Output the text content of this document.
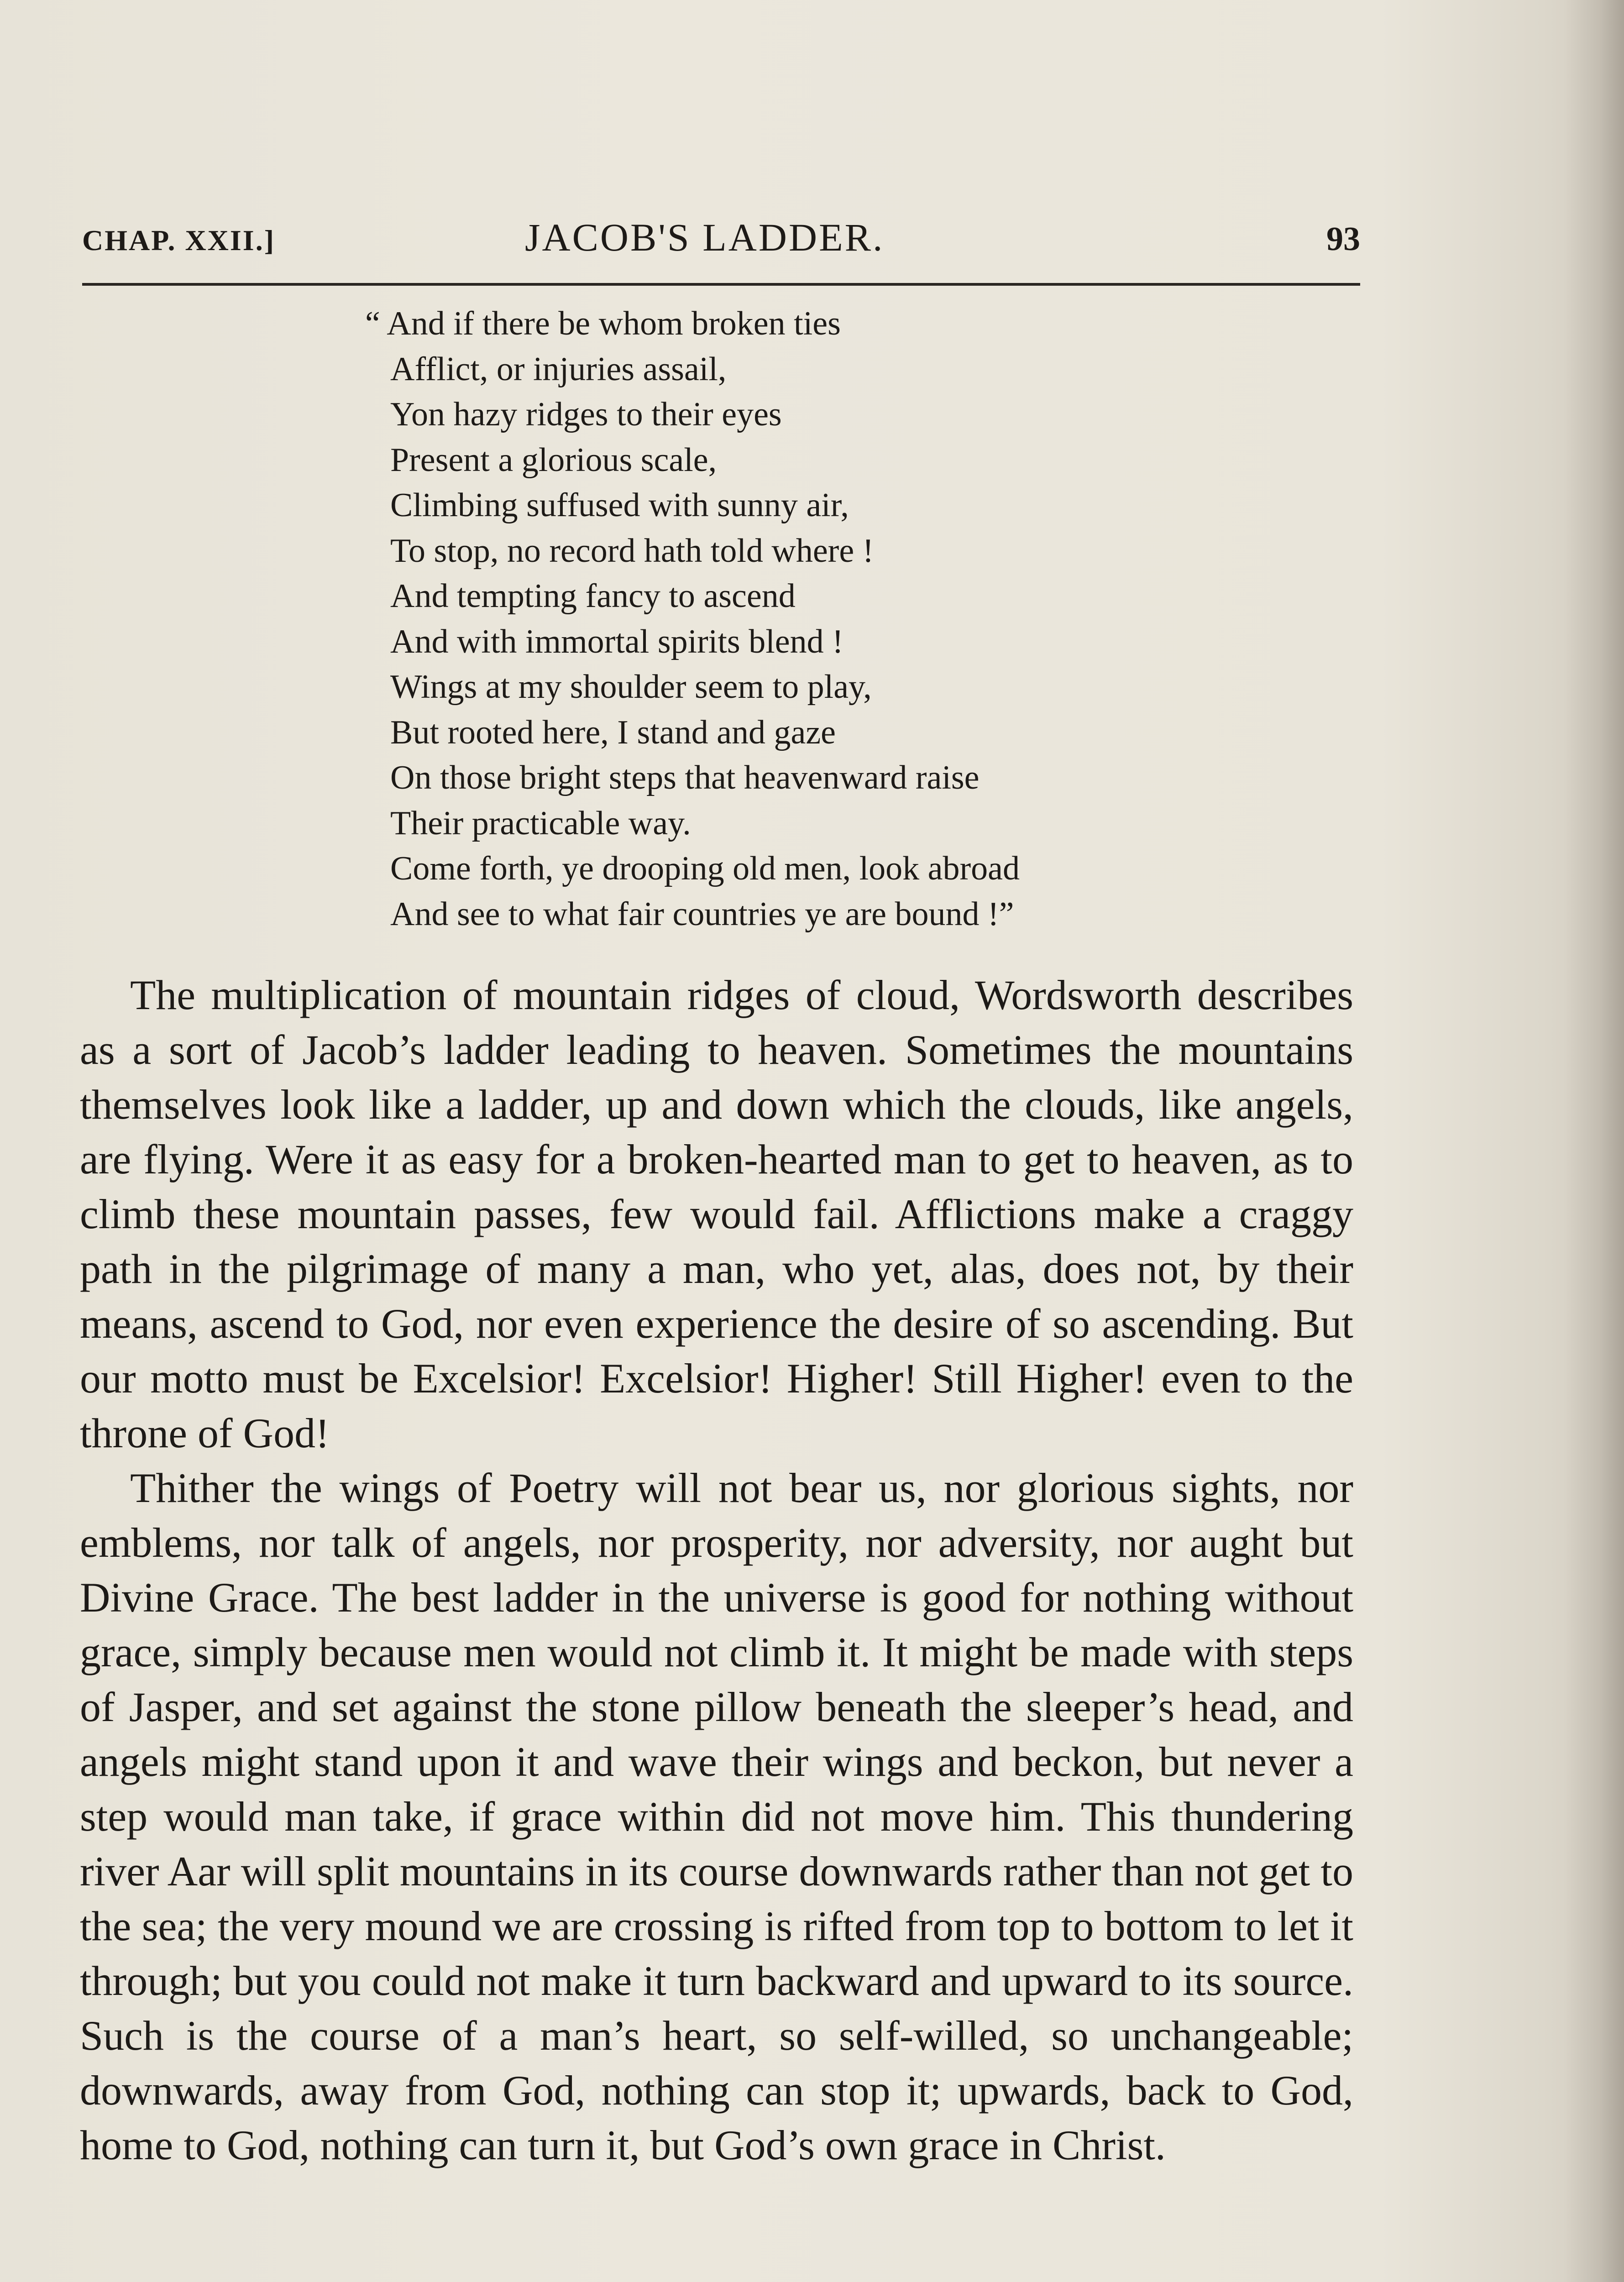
CHAP. XXII.]	JACOB'S LADDER.	93
“ And if there be whom broken ties
Afflict, or injuries assail,
Yon hazy ridges to their eyes
Present a glorious scale,
Climbing suffused with sunny air,
To stop, no record hath told where !
And tempting fancy to ascend
And with immortal spirits blend !
Wings at my shoulder seem to play,
But rooted here, I stand and gaze
On those bright steps that heavenward raise
Their practicable way.
Come forth, ye drooping old men, look abroad
And see to what fair countries ye are bound !”

The multiplication of mountain ridges of cloud, Wordsworth describes as a sort of Jacob’s ladder leading to heaven. Sometimes the mountains themselves look like a ladder, up and down which the clouds, like angels, are flying. Were it as easy for a broken-hearted man to get to heaven, as to climb these mountain passes, few would fail. Afflictions make a craggy path in the pilgrimage of many a man, who yet, alas, does not, by their means, ascend to God, nor even experience the desire of so ascending. But our motto must be Excelsior! Excelsior! Higher! Still Higher! even to the throne of God!

Thither the wings of Poetry will not bear us, nor glorious sights, nor emblems, nor talk of angels, nor prosperity, nor adversity, nor aught but Divine Grace. The best ladder in the universe is good for nothing without grace, simply because men would not climb it. It might be made with steps of Jasper, and set against the stone pillow beneath the sleeper’s head, and angels might stand upon it and wave their wings and beckon, but never a step would man take, if grace within did not move him. This thundering river Aar will split mountains in its course downwards rather than not get to the sea; the very mound we are crossing is rifted from top to bottom to let it through; but you could not make it turn backward and upward to its source. Such is the course of a man’s heart, so self-willed, so unchangeable; downwards, away from God, nothing can stop it; upwards, back to God, home to God, nothing can turn it, but God’s own grace in Christ.
